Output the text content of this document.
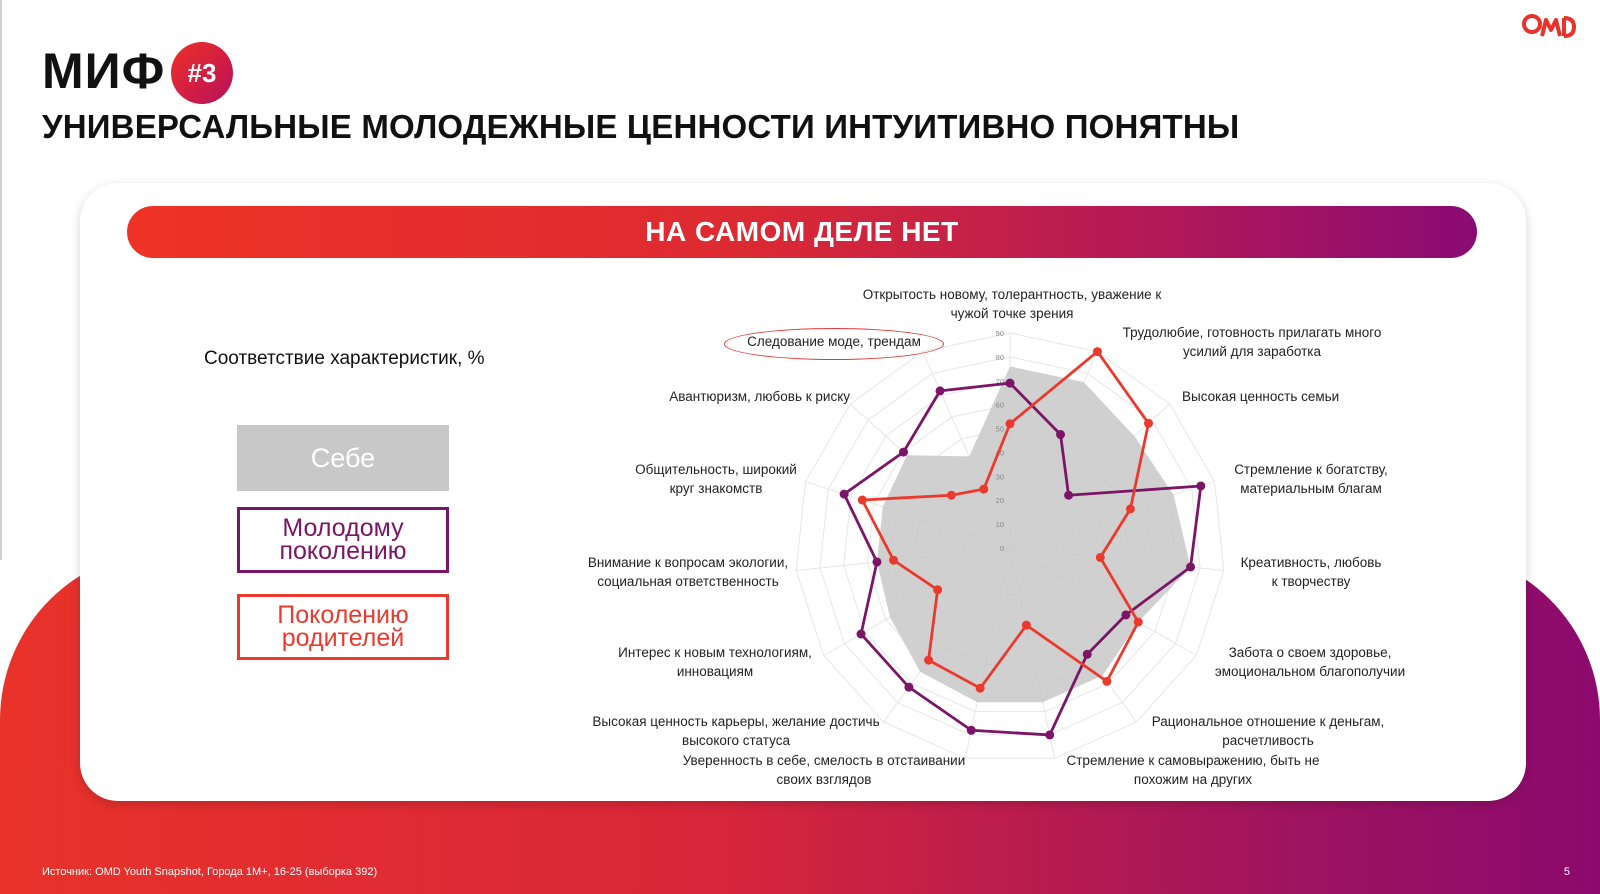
МИФ #3
УНИВЕРСАЛЬНЫЕ МОЛОДЕЖНЫЕ ЦЕННОСТИ ИНТУИТИВНО ПОНЯТНЫ
НА САМОМ ДЕЛЕ НЕТ
Соответствие характеристик, %
Себе
Молодому поколению
Поколению родителей
0
10
20
30
40
50
60
70
80
90
Открытость новому, толерантность, уважение к чужой точке зрения
Трудолюбие, готовность прилагать много усилий для заработка
Высокая ценность семьи
Стремление к богатству, материальным благам
Креативность, любовь к творчеству
Забота о своем здоровье, эмоциональном благополучии
Рациональное отношение к деньгам, расчетливость
Стремление к самовыражению, быть не похожим на других
Уверенность в себе, смелость в отстаивании своих взглядов
Высокая ценность карьеры, желание достичь высокого статуса
Интерес к новым технологиям, инновациям
Внимание к вопросам экологии, социальная ответственность
Общительность, широкий круг знакомств
Авантюризм, любовь к риску
Следование моде, трендам
Источник: OMD Youth Snapshot, Города 1М+, 16-25 (выборка 392)	5
